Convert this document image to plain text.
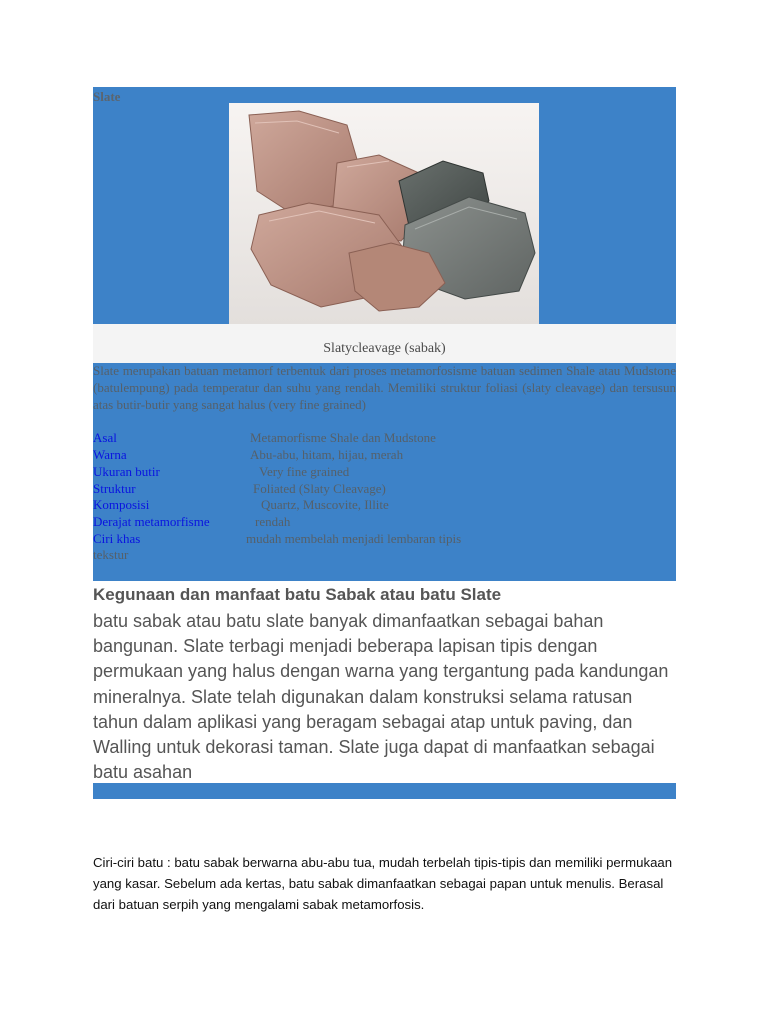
Slate
Slatycleavage (sabak)

Slate merupakan batuan metamorf terbentuk dari proses metamorfosisme batuan sedimen Shale atau Mudstone (batulempung) pada temperatur dan suhu yang rendah. Memiliki struktur foliasi (slaty cleavage) dan tersusun atas butir-butir yang sangat halus (very fine grained)

Asal	Metamorfisme Shale dan Mudstone
Warna	Abu-abu, hitam, hijau, merah
Ukuran butir	Very fine grained
Struktur	Foliated (Slaty Cleavage)
Komposisi	Quartz, Muscovite, Illite
Derajat metamorfisme	rendah
Ciri khas	mudah membelah menjadi lembaran tipis
tekstur
Kegunaan dan manfaat batu Sabak atau batu Slate

batu sabak atau batu slate banyak dimanfaatkan sebagai bahan bangunan. Slate terbagi menjadi beberapa lapisan tipis dengan permukaan yang halus dengan warna yang tergantung pada kandungan mineralnya. Slate telah digunakan dalam konstruksi selama ratusan tahun dalam aplikasi yang beragam sebagai atap untuk paving, dan Walling untuk dekorasi taman. Slate juga dapat di manfaatkan sebagai batu asahan

Ciri-ciri batu : batu sabak berwarna abu-abu tua, mudah terbelah tipis-tipis dan memiliki permukaan yang kasar. Sebelum ada kertas, batu sabak dimanfaatkan sebagai papan untuk menulis. Berasal dari batuan serpih yang mengalami sabak metamorfosis.
